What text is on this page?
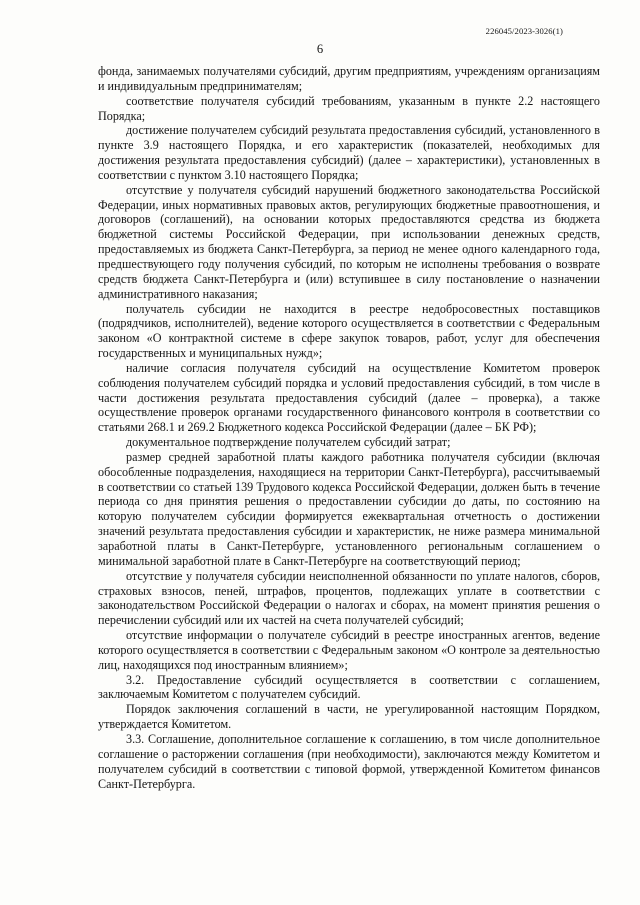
226045/2023-3026(1)
6

фонда, занимаемых получателями субсидий, другим предприятиям, учреждениям организациям и индивидуальным предпринимателям;

соответствие получателя субсидий требованиям, указанным в пункте 2.2 настоящего Порядка;

достижение получателем субсидий результата предоставления субсидий, установленного в пункте 3.9 настоящего Порядка, и его характеристик (показателей, необходимых для достижения результата предоставления субсидий) (далее – характеристики), установленных в соответствии с пунктом 3.10 настоящего Порядка;

отсутствие у получателя субсидий нарушений бюджетного законодательства Российской Федерации, иных нормативных правовых актов, регулирующих бюджетные правоотношения, и договоров (соглашений), на основании которых предоставляются средства из бюджета бюджетной системы Российской Федерации, при использовании денежных средств, предоставляемых из бюджета Санкт-Петербурга, за период не менее одного календарного года, предшествующего году получения субсидий, по которым не исполнены требования о возврате средств бюджета Санкт-Петербурга и (или) вступившее в силу постановление о назначении административного наказания;

получатель субсидии не находится в реестре недобросовестных поставщиков (подрядчиков, исполнителей), ведение которого осуществляется в соответствии с Федеральным законом «О контрактной системе в сфере закупок товаров, работ, услуг для обеспечения государственных и муниципальных нужд»;

наличие согласия получателя субсидий на осуществление Комитетом проверок соблюдения получателем субсидий порядка и условий предоставления субсидий, в том числе в части достижения результата предоставления субсидий (далее – проверка), а также осуществление проверок органами государственного финансового контроля в соответствии со статьями 268.1 и 269.2 Бюджетного кодекса Российской Федерации (далее – БК РФ);

документальное подтверждение получателем субсидий затрат;

размер средней заработной платы каждого работника получателя субсидии (включая обособленные подразделения, находящиеся на территории Санкт-Петербурга), рассчитываемый в соответствии со статьей 139 Трудового кодекса Российской Федерации, должен быть в течение периода со дня принятия решения о предоставлении субсидии до даты, по состоянию на которую получателем субсидии формируется ежеквартальная отчетность о достижении значений результата предоставления субсидии и характеристик, не ниже размера минимальной заработной платы в Санкт-Петербурге, установленного региональным соглашением о минимальной заработной плате в Санкт-Петербурге на соответствующий период;

отсутствие у получателя субсидии неисполненной обязанности по уплате налогов, сборов, страховых взносов, пеней, штрафов, процентов, подлежащих уплате в соответствии с законодательством Российской Федерации о налогах и сборах, на момент принятия решения о перечислении субсидий или их частей на счета получателей субсидий;

отсутствие информации о получателе субсидий в реестре иностранных агентов, ведение которого осуществляется в соответствии с Федеральным законом «О контроле за деятельностью лиц, находящихся под иностранным влиянием»;

3.2. Предоставление субсидий осуществляется в соответствии с соглашением, заключаемым Комитетом с получателем субсидий.

Порядок заключения соглашений в части, не урегулированной настоящим Порядком, утверждается Комитетом.

3.3. Соглашение, дополнительное соглашение к соглашению, в том числе дополнительное соглашение о расторжении соглашения (при необходимости), заключаются между Комитетом и получателем субсидий в соответствии с типовой формой, утвержденной Комитетом финансов Санкт-Петербурга.
